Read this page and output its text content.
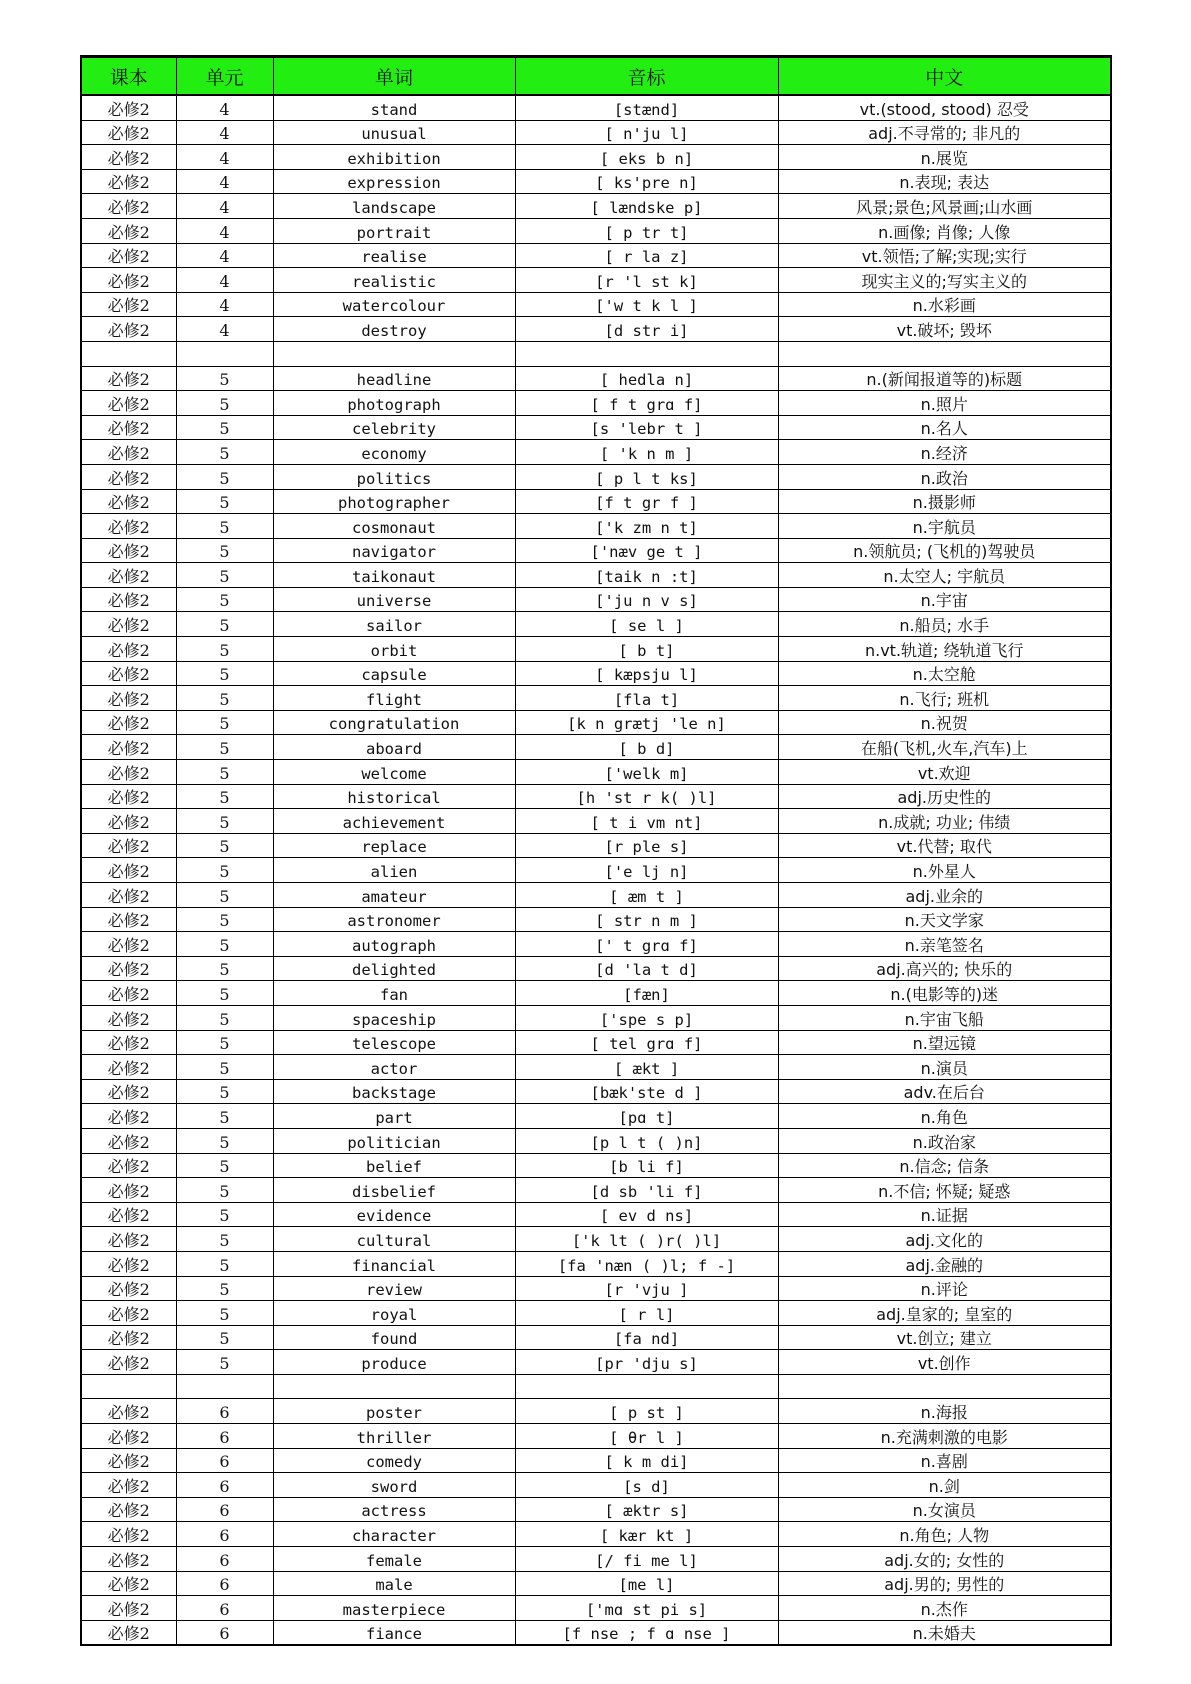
课本	单元	单词	音标	中文
必修2	4	stand	[stænd]	vt.(stood, stood) 忍受
必修2	4	unusual	[ n'ju l]	adj.不寻常的; 非凡的
必修2	4	exhibition	[ eks b n]	n.展览
必修2	4	expression	[ ks'pre n]	n.表现; 表达
必修2	4	landscape	[ lændske p]	风景;景色;风景画;山水画
必修2	4	portrait	[ p tr t]	n.画像; 肖像; 人像
必修2	4	realise	[ r la z]	vt.领悟;了解;实现;实行
必修2	4	realistic	[r 'l st k]	现实主义的;写实主义的
必修2	4	watercolour	['w t k l ]	n.水彩画
必修2	4	destroy	[d str i]	vt.破坏; 毁坏

必修2	5	headline	[ hedla n]	n.(新闻报道等的)标题
必修2	5	photograph	[ f t grɑ f]	n.照片
必修2	5	celebrity	[s 'lebr t ]	n.名人
必修2	5	economy	[ 'k n m ]	n.经济
必修2	5	politics	[ p l t ks]	n.政治
必修2	5	photographer	[f t gr f ]	n.摄影师
必修2	5	cosmonaut	['k zm n t]	n.宇航员
必修2	5	navigator	['næv ge t ]	n.领航员; (飞机的)驾驶员
必修2	5	taikonaut	[taik n :t]	n.太空人; 宇航员
必修2	5	universe	['ju n v s]	n.宇宙
必修2	5	sailor	[ se l ]	n.船员; 水手
必修2	5	orbit	[ b t]	n.vt.轨道; 绕轨道飞行
必修2	5	capsule	[ kæpsju l]	n.太空舱
必修2	5	flight	[fla t]	n.飞行; 班机
必修2	5	congratulation	[k n grætj 'le n]	n.祝贺
必修2	5	aboard	[ b d]	在船(飞机,火车,汽车)上
必修2	5	welcome	['welk m]	vt.欢迎
必修2	5	historical	[h 'st r k( )l]	adj.历史性的
必修2	5	achievement	[ t i vm nt]	n.成就; 功业; 伟绩
必修2	5	replace	[r ple s]	vt.代替; 取代
必修2	5	alien	['e lj n]	n.外星人
必修2	5	amateur	[ æm t ]	adj.业余的
必修2	5	astronomer	[ str n m ]	n.天文学家
必修2	5	autograph	[' t grɑ f]	n.亲笔签名
必修2	5	delighted	[d 'la t d]	adj.高兴的; 快乐的
必修2	5	fan	[fæn]	n.(电影等的)迷
必修2	5	spaceship	['spe s p]	n.宇宙飞船
必修2	5	telescope	[ tel grɑ f]	n.望远镜
必修2	5	actor	[ ækt ]	n.演员
必修2	5	backstage	[bæk'ste d ]	adv.在后台
必修2	5	part	[pɑ t]	n.角色
必修2	5	politician	[p l t ( )n]	n.政治家
必修2	5	belief	[b li f]	n.信念; 信条
必修2	5	disbelief	[d sb 'li f]	n.不信; 怀疑; 疑惑
必修2	5	evidence	[ ev d ns]	n.证据
必修2	5	cultural	['k lt ( )r( )l]	adj.文化的
必修2	5	financial	[fa 'næn ( )l; f -]	adj.金融的
必修2	5	review	[r 'vju ]	n.评论
必修2	5	royal	[ r l]	adj.皇家的; 皇室的
必修2	5	found	[fa nd]	vt.创立; 建立
必修2	5	produce	[pr 'dju s]	vt.创作

必修2	6	poster	[ p st ]	n.海报
必修2	6	thriller	[ θr l ]	n.充满刺激的电影
必修2	6	comedy	[ k m di]	n.喜剧
必修2	6	sword	[s d]	n.剑
必修2	6	actress	[ æktr s]	n.女演员
必修2	6	character	[ kær kt ]	n.角色; 人物
必修2	6	female	[/ fi me l]	adj.女的; 女性的
必修2	6	male	[me l]	adj.男的; 男性的
必修2	6	masterpiece	['mɑ st pi s]	n.杰作
必修2	6	fiance	[f nse ; f ɑ nse ]	n.未婚夫
